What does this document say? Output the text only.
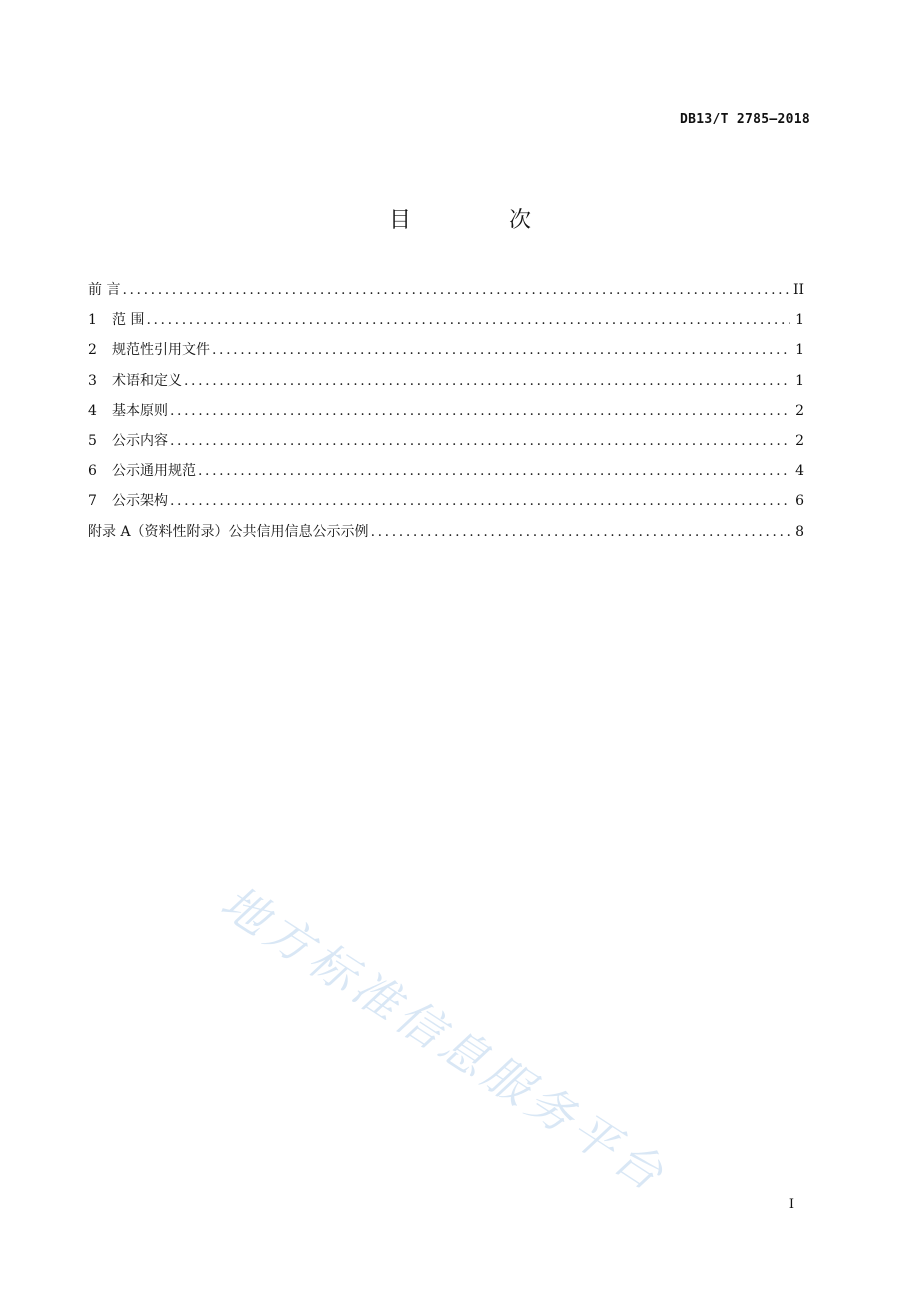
DB13/T 2785—2018
目　次
前 言 .....	II
1	范 围 .....	1
2	规范性引用文件 .....	1
3	术语和定义 .....	1
4	基本原则 .....	2
5	公示内容 .....	2
6	公示通用规范 .....	4
7	公示架构 .....	6
附录 A（资料性附录）公共信用信息公示示例 .....	8
地方标准信息服务平台
I
